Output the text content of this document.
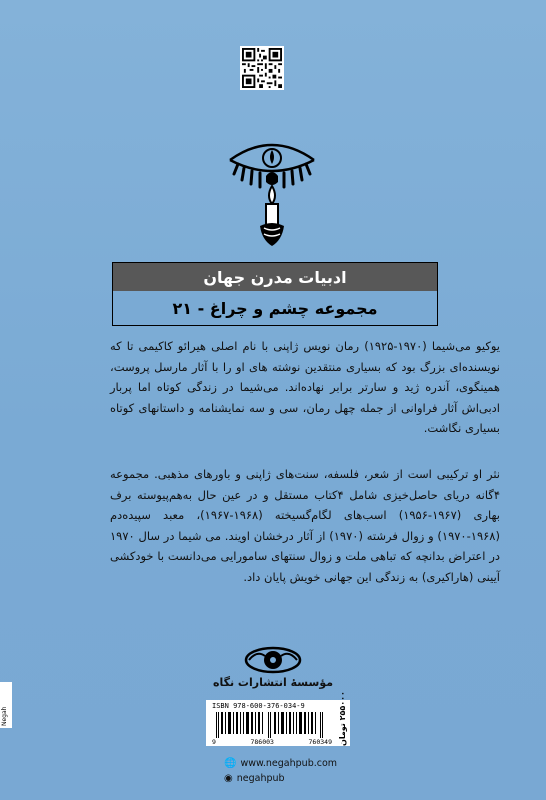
ادبیات مدرن جهان
مجموعه چشم و چراغ - ۲۱

یوکیو می‌شیما (۱۹۷۰-۱۹۲۵) رمان نویس ژاپنی با نام اصلی هیرائو کاکیمی تا که نویسنده‌ای بزرگ بود که بسیاری منتقدین نوشته های او را با آثار مارسل پروست، همینگوی، آندره ژید و سارتر برابر نهاده‌اند. می‌شیما در زندگی کوتاه اما پربار ادبی‌اش آثار فراوانی از جمله چهل رمان، سی و سه نمایشنامه و داستانهای کوتاه بسیاری نگاشت.

نثر او ترکیبی است از شعر، فلسفه، سنت‌های ژاپنی و باورهای مذهبی. مجموعه ۴گانه دریای حاصل‌خیزی شامل ۴کتاب مستقل و در عین حال به‌هم‌پیوسته برف بهاری (۱۹۶۷-۱۹۵۶) اسب‌های لگام‌گسیخته (۱۹۶۸-۱۹۶۷)، معبد سپیده‌دم (۱۹۶۸-۱۹۷۰) و زوال فرشته (۱۹۷۰) از آثار درخشان اویند. می شیما در سال ۱۹۷۰ در اعتراض بدانچه که تباهی ملت و زوال سنتهای سامورایی می‌دانست با خودکشی آیینی (هاراکیری) به زندگی این جهانی خویش پایان داد.

مؤسسهٔ انتشارات نگاه
ISBN 978-600-376-034-9
9	786003	760349 ۲۵۵۰۰۰ تومان
🌐 www.negahpub.com
◉ negahpub
Negah
